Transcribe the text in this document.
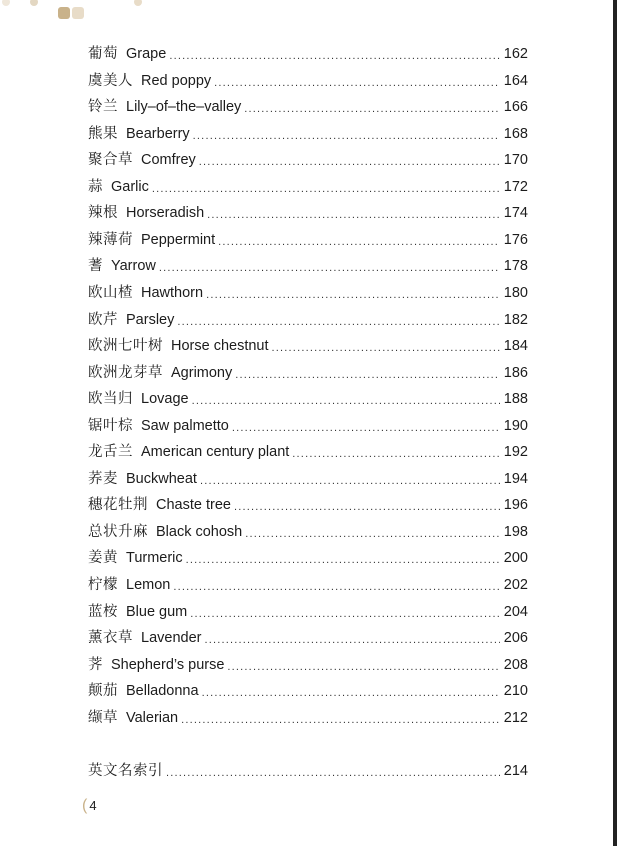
葡萄 Grape .....	162
虞美人 Red poppy .....	164
铃兰 Lily–of–the–valley .....	166
熊果 Bearberry .....	168
聚合草 Comfrey .....	170
蒜 Garlic .....	172
辣根 Horseradish .....	174
辣薄荷 Peppermint .....	176
蓍 Yarrow .....	178
欧山楂 Hawthorn .....	180
欧芹 Parsley .....	182
欧洲七叶树 Horse chestnut .....	184
欧洲龙芽草 Agrimony .....	186
欧当归 Lovage .....	188
锯叶棕 Saw palmetto .....	190
龙舌兰 American century plant .....	192
荞麦 Buckwheat .....	194
穗花牡荆 Chaste tree .....	196
总状升麻 Black cohosh .....	198
姜黄 Turmeric .....	200
柠檬 Lemon .....	202
蓝桉 Blue gum .....	204
薰衣草 Lavender .....	206
荠 Shepherd’s purse .....	208
颠茄 Belladonna .....	210
缬草 Valerian .....	212
英文名索引 .....	214
( 4
